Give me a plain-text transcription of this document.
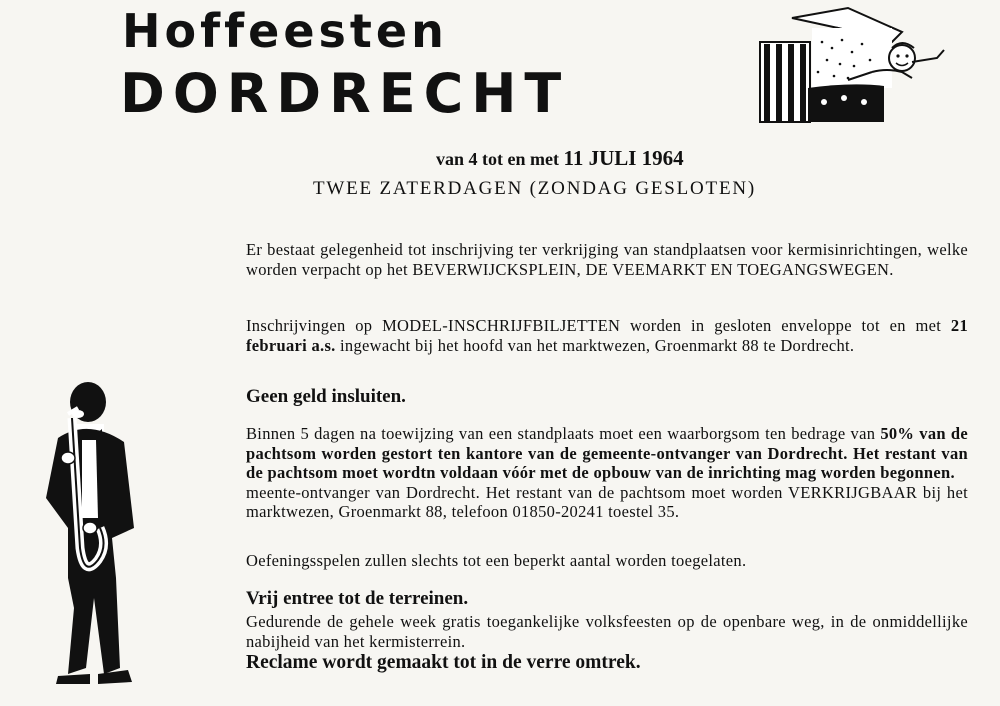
Hoffeesten
DORDRECHT
van 4 tot en met 11 JULI 1964
TWEE ZATERDAGEN (ZONDAG GESLOTEN)
Er bestaat gelegenheid tot inschrijving ter verkrijging van standplaatsen voor kermisinrichtingen, welke worden verpacht op het BEVERWIJCKSPLEIN, DE VEEMARKT EN TOEGANGSWEGEN.
Inschrijvingen op MODEL-INSCHRIJFBILJETTEN worden in gesloten enveloppe tot en met 21 februari a.s. ingewacht bij het hoofd van het marktwezen, Groenmarkt 88 te Dordrecht.
Geen geld insluiten.
Binnen 5 dagen na toewijzing van een standplaats moet een waarborgsom ten bedrage van 50% van de pachtsom worden gestort ten kantore van de gemeente-ontvanger van Dordrecht. Het restant van de pachtsom moet wordtn voldaan vóór met de opbouw van de inrichting mag worden begonnen.
meente-ontvanger van Dordrecht. Het restant van de pachtsom moet worden VERKRIJGBAAR bij het marktwezen, Groenmarkt 88, telefoon 01850-20241 toestel 35.
Oefeningsspelen zullen slechts tot een beperkt aantal worden toegelaten.
Vrij entree tot de terreinen.
Gedurende de gehele week gratis toegankelijke volksfeesten op de openbare weg, in de onmiddellijke nabijheid van het kermisterrein.
Reclame wordt gemaakt tot in de verre omtrek.
